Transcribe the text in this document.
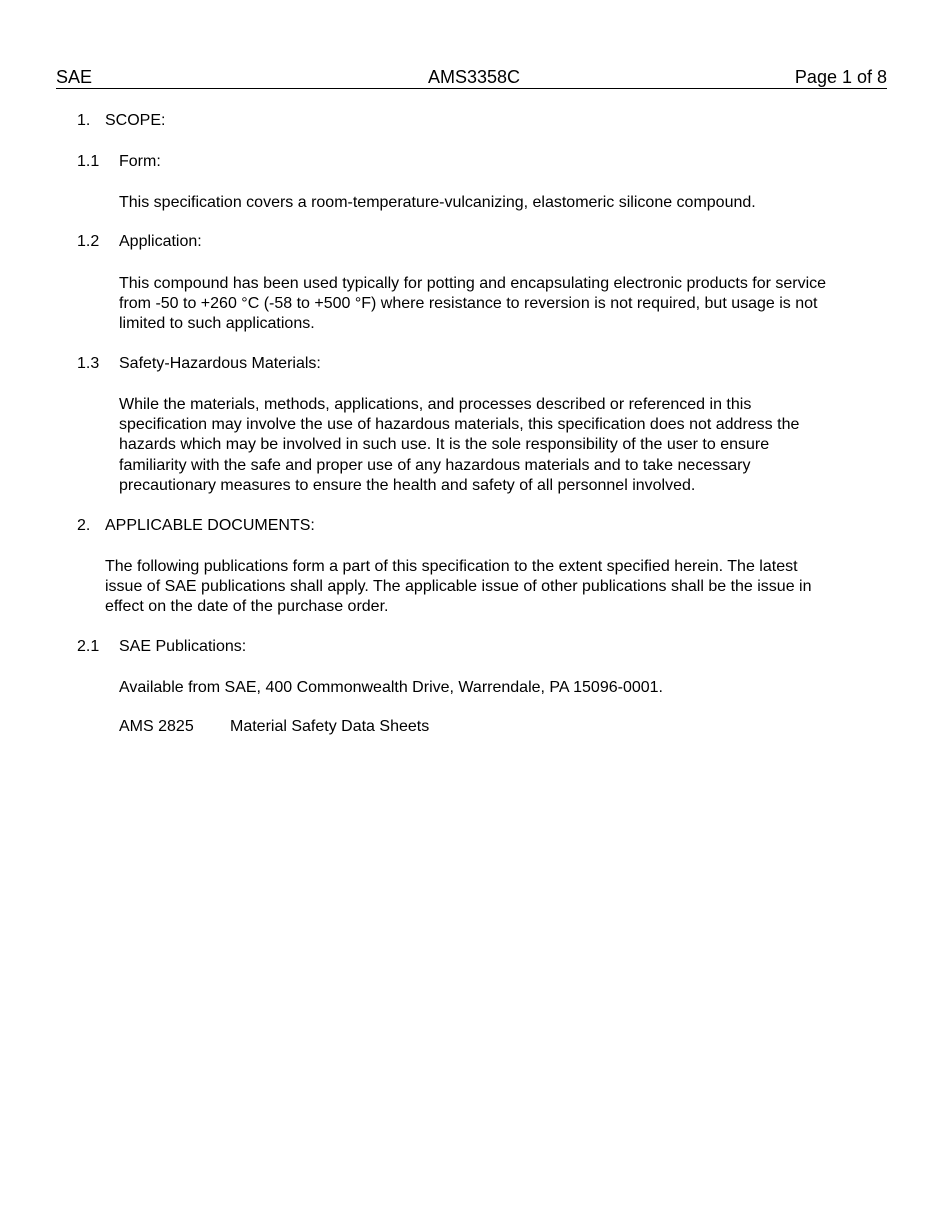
SAE	AMS3358C	Page 1 of 8
1. SCOPE:
1.1 Form:
This specification covers a room-temperature-vulcanizing, elastomeric silicone compound.
1.2 Application:
This compound has been used typically for potting and encapsulating electronic products for service
from -50 to +260 °C (-58 to +500 °F) where resistance to reversion is not required, but usage is not
limited to such applications.
1.3 Safety-Hazardous Materials:
While the materials, methods, applications, and processes described or referenced in this
specification may involve the use of hazardous materials, this specification does not address the
hazards which may be involved in such use. It is the sole responsibility of the user to ensure
familiarity with the safe and proper use of any hazardous materials and to take necessary
precautionary measures to ensure the health and safety of all personnel involved.
2. APPLICABLE DOCUMENTS:
The following publications form a part of this specification to the extent specified herein. The latest
issue of SAE publications shall apply. The applicable issue of other publications shall be the issue in
effect on the date of the purchase order.
2.1 SAE Publications:
Available from SAE, 400 Commonwealth Drive, Warrendale, PA 15096-0001.
AMS 2825 Material Safety Data Sheets
